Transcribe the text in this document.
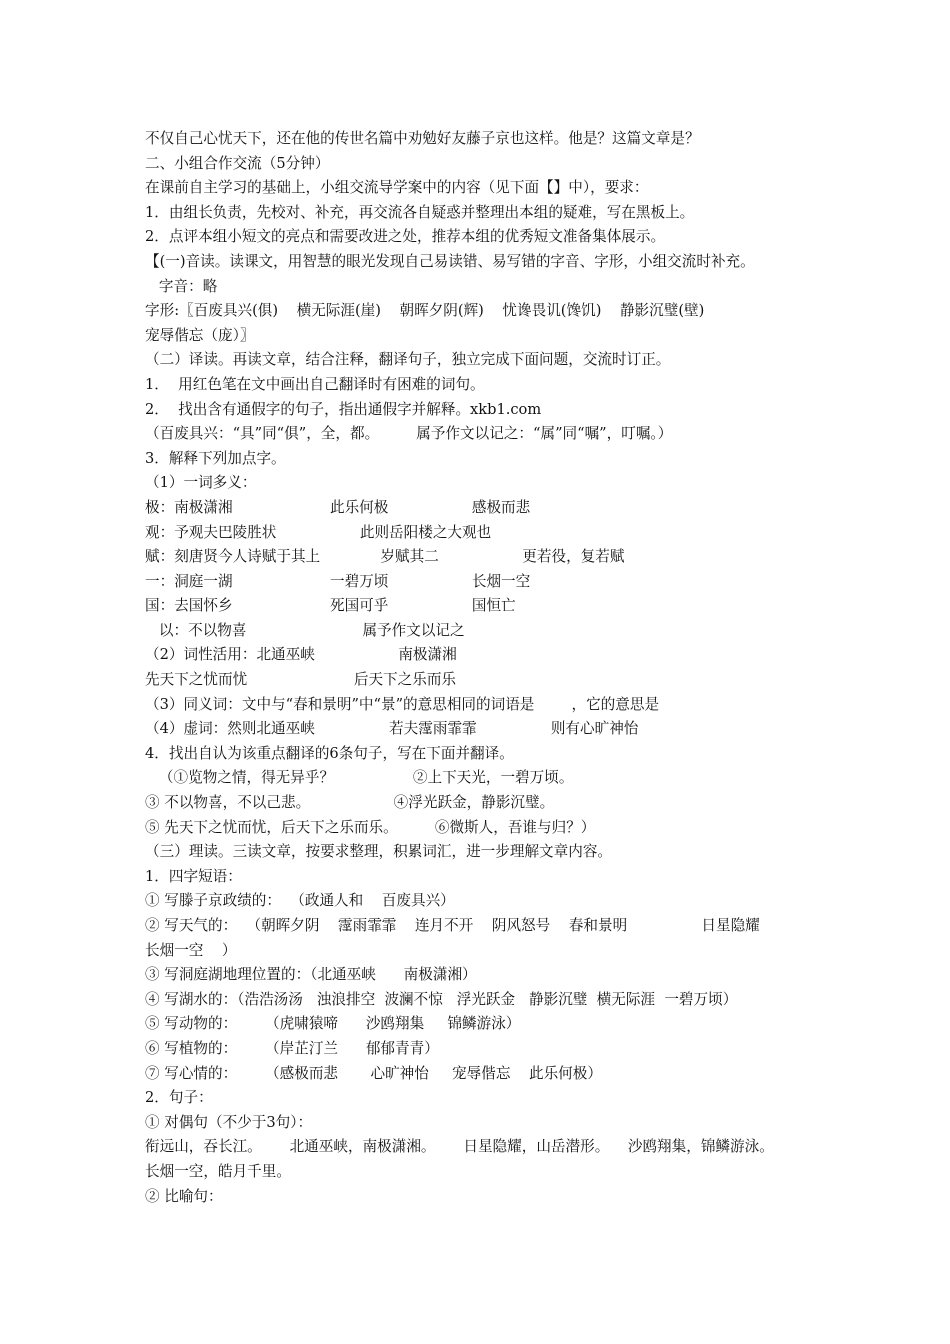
不仅自己心忧天下，还在他的传世名篇中劝勉好友藤子京也这样。他是？这篇文章是？
二、小组合作交流（5分钟）
在课前自主学习的基础上，小组交流导学案中的内容（见下面【】中），要求：
1．由组长负责，先校对、补充，再交流各自疑惑并整理出本组的疑难，写在黑板上。
2．点评本组小短文的亮点和需要改进之处，推荐本组的优秀短文准备集体展示。
【(一)音读。读课文，用智慧的眼光发现自己易读错、易写错的字音、字形，小组交流时补充。
字音：略
字形:〖百废具兴(俱)    横无际涯(崖)    朝晖夕阴(辉)    忧谗畏讥(馋饥)    静影沉璧(壁)
宠辱偕忘（庞）〗
（二）译读。再读文章，结合注释，翻译句子，独立完成下面问题，交流时订正。
1．  用红色笔在文中画出自己翻译时有困难的词句。
2．  找出含有通假字的句子，指出通假字并解释。xkb1.com
（百废具兴：“具”同“俱”，全，都。        属予作文以记之：“属”同“嘱”，叮嘱。）
3．解释下列加点字。
（1）一词多义：
极：南极潇湘                     此乐何极                  感极而悲
观：予观夫巴陵胜状                  此则岳阳楼之大观也
赋：刻唐贤今人诗赋于其上             岁赋其二                  更若役，复若赋
一：洞庭一湖                     一碧万顷                  长烟一空
国：去国怀乡                     死国可乎                  国恒亡
以：不以物喜                         属予作文以记之
（2）词性活用：北通巫峡                  南极潇湘
先天下之忧而忧                       后天下之乐而乐
（3）同义词：文中与“春和景明”中“景”的意思相同的词语是        ，它的意思是
（4）虚词：然则北通巫峡                若夫霪雨霏霏                则有心旷神怡
4．找出自认为该重点翻译的6条句子，写在下面并翻译。
（①览物之情，得无异乎？                 ②上下天光，一碧万顷。
③ 不以物喜，不以己悲。                  ④浮光跃金，静影沉璧。
⑤ 先天下之忧而忧，后天下之乐而乐。        ⑥微斯人，吾谁与归？）
（三）理读。三读文章，按要求整理，积累词汇，进一步理解文章内容。
1．四字短语：
① 写滕子京政绩的：  （政通人和    百废具兴）
② 写天气的：  （朝晖夕阴    霪雨霏霏    连月不开    阴风怒号    春和景明                日星隐耀
长烟一空    ）
③ 写洞庭湖地理位置的：（北通巫峡      南极潇湘）
④ 写湖水的：（浩浩汤汤   浊浪排空  波澜不惊   浮光跃金   静影沉璧  横无际涯  一碧万顷）
⑤ 写动物的：      （虎啸猿啼      沙鸥翔集     锦鳞游泳）
⑥ 写植物的：      （岸芷汀兰      郁郁青青）
⑦ 写心情的：      （感极而悲       心旷神怡     宠辱偕忘    此乐何极）
2．句子：
① 对偶句（不少于3句）：
衔远山，吞长江。      北通巫峡，南极潇湘。      日星隐耀，山岳潜形。    沙鸥翔集，锦鳞游泳。
长烟一空，皓月千里。
② 比喻句：
